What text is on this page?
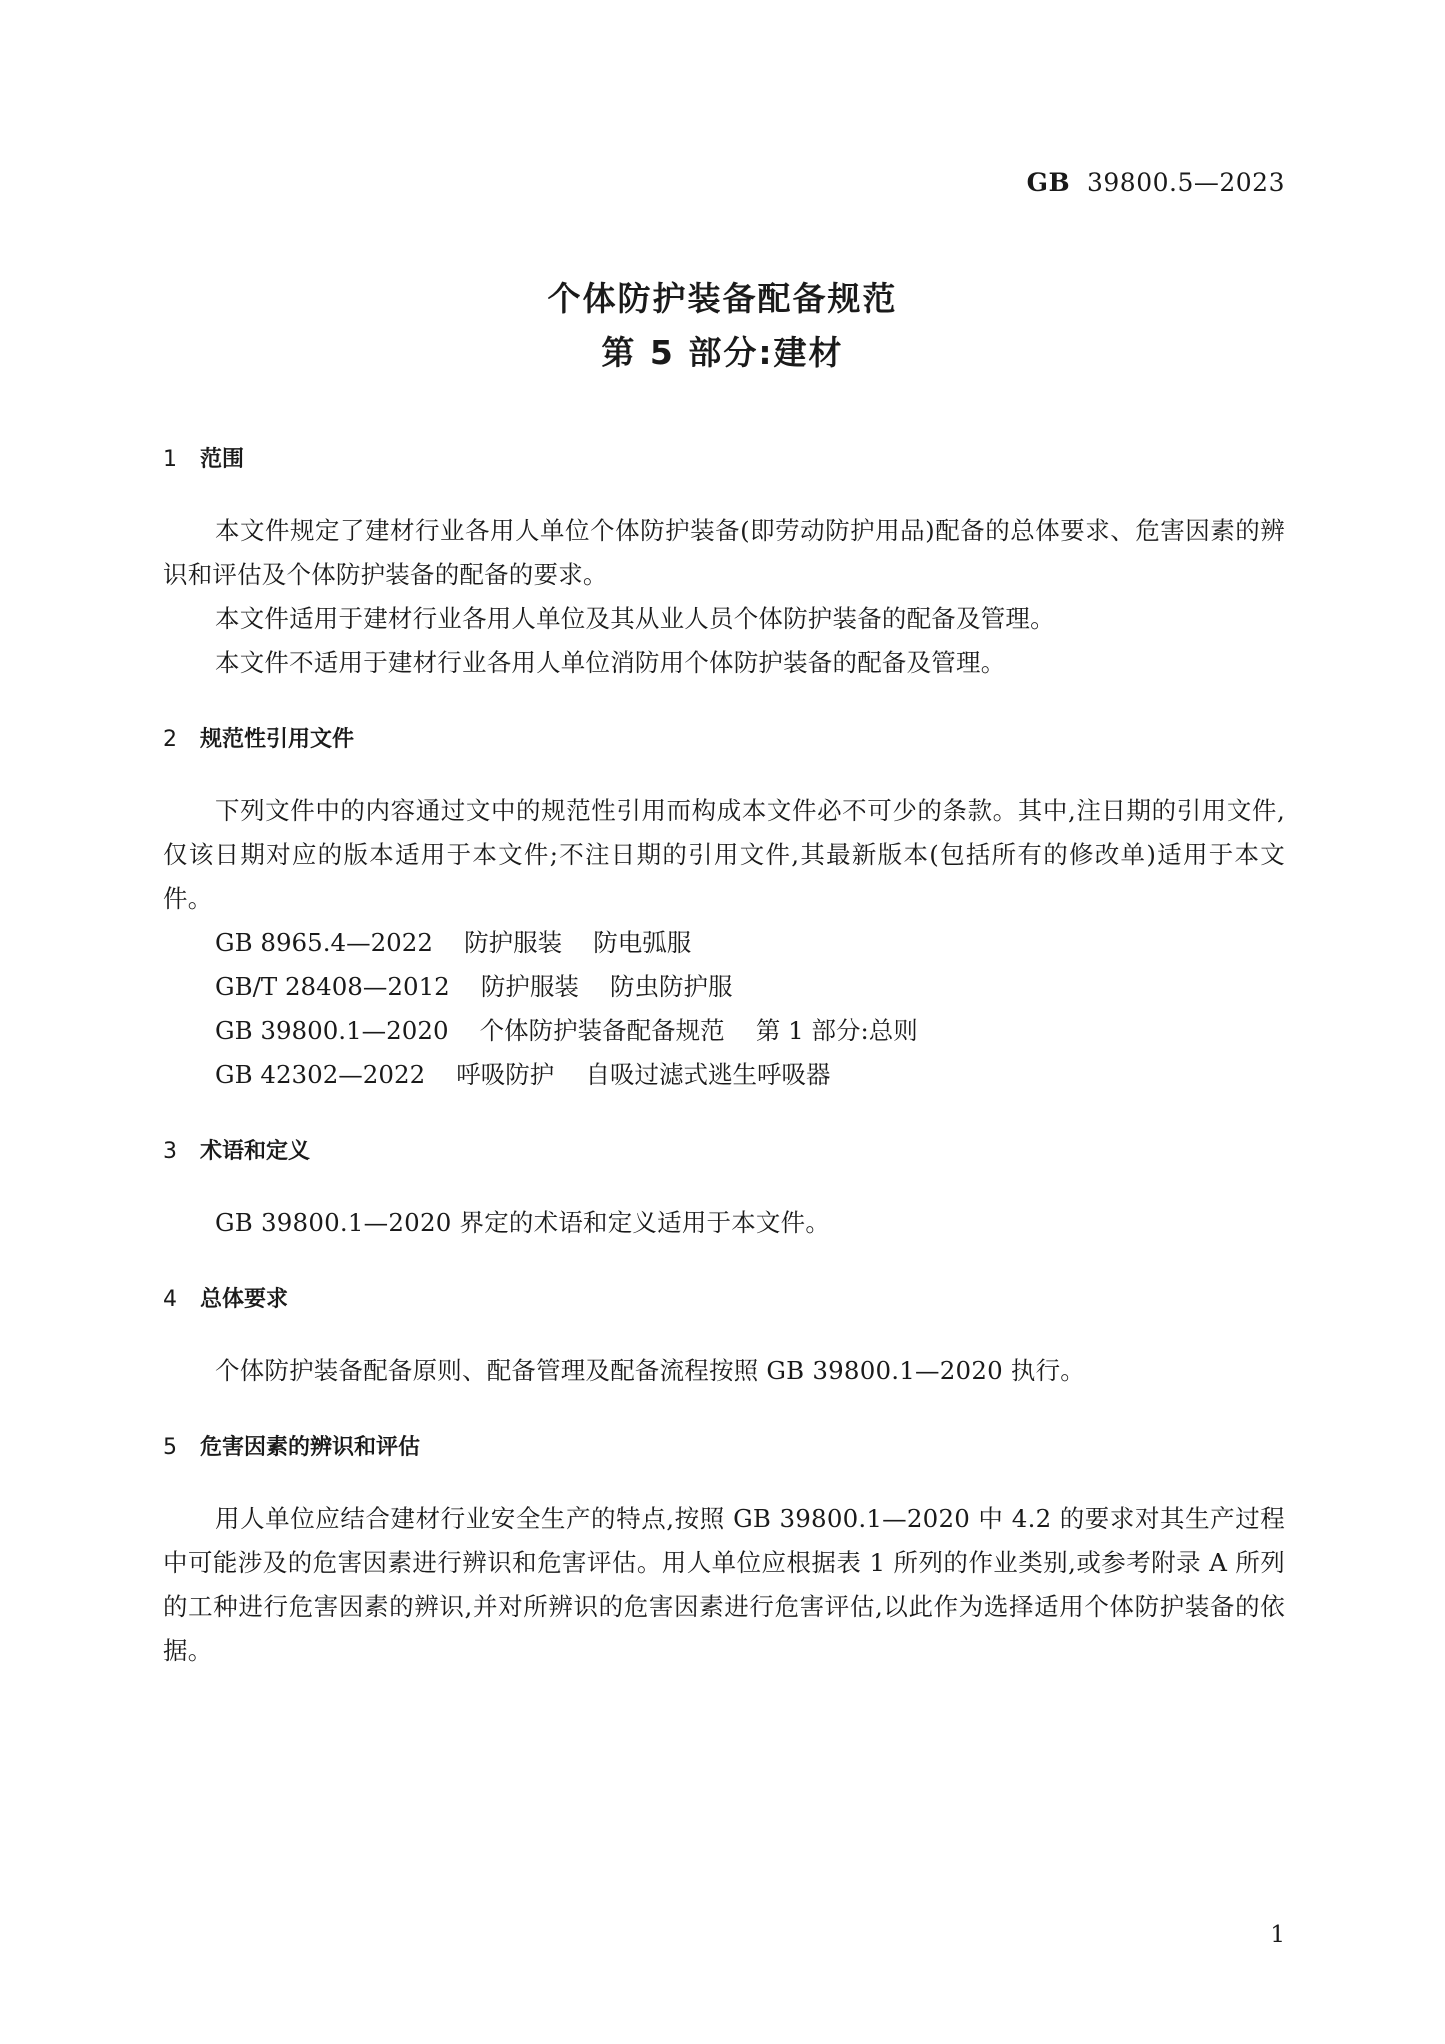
GB  39800.5—2023
个体防护装备配备规范
第 5 部分:建材
1 范围

本文件规定了建材行业各用人单位个体防护装备(即劳动防护用品)配备的总体要求、危害因素的辨识和评估及个体防护装备的配备的要求。

本文件适用于建材行业各用人单位及其从业人员个体防护装备的配备及管理。

本文件不适用于建材行业各用人单位消防用个体防护装备的配备及管理。

2 规范性引用文件

下列文件中的内容通过文中的规范性引用而构成本文件必不可少的条款。其中,注日期的引用文件,仅该日期对应的版本适用于本文件;不注日期的引用文件,其最新版本(包括所有的修改单)适用于本文件。

GB 8965.4—2022    防护服装    防电弧服

GB/T 28408—2012    防护服装    防虫防护服

GB 39800.1—2020    个体防护装备配备规范    第 1 部分:总则

GB 42302—2022    呼吸防护    自吸过滤式逃生呼吸器

3 术语和定义

GB 39800.1—2020 界定的术语和定义适用于本文件。

4 总体要求

个体防护装备配备原则、配备管理及配备流程按照 GB 39800.1—2020 执行。

5 危害因素的辨识和评估

用人单位应结合建材行业安全生产的特点,按照 GB 39800.1—2020 中 4.2 的要求对其生产过程中可能涉及的危害因素进行辨识和危害评估。用人单位应根据表 1 所列的作业类别,或参考附录 A 所列的工种进行危害因素的辨识,并对所辨识的危害因素进行危害评估,以此作为选择适用个体防护装备的依据。

1
